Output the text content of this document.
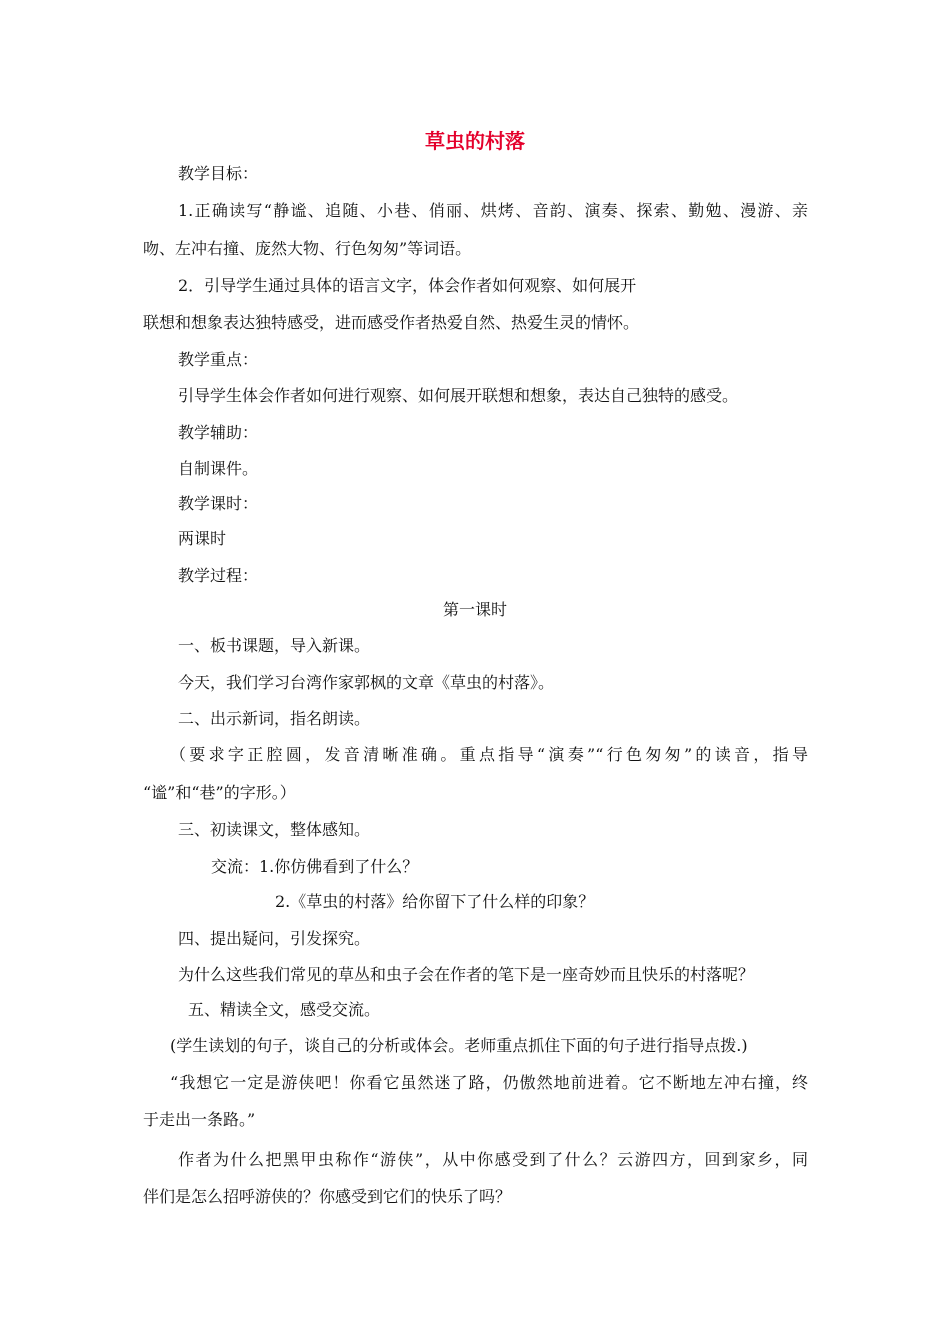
草虫的村落
教学目标：
1.正确读写“静谧、追随、小巷、俏丽、烘烤、音韵、演奏、探索、勤勉、漫游、亲
吻、左冲右撞、庞然大物、行色匆匆”等词语。
2．引导学生通过具体的语言文字，体会作者如何观察、如何展开
联想和想象表达独特感受，进而感受作者热爱自然、热爱生灵的情怀。
教学重点：
引导学生体会作者如何进行观察、如何展开联想和想象，表达自己独特的感受。
教学辅助：
自制课件。
教学课时：
两课时
教学过程：
第一课时
一、板书课题，导入新课。
今天，我们学习台湾作家郭枫的文章《草虫的村落》。
二、出示新词，指名朗读。
（要求字正腔圆，发音清晰准确。重点指导“演奏”“行色匆匆”的读音，指导
“谧”和“巷”的字形。）
三、初读课文，整体感知。
交流：1.你仿佛看到了什么？
2.《草虫的村落》给你留下了什么样的印象？
四、提出疑问，引发探究。
为什么这些我们常见的草丛和虫子会在作者的笔下是一座奇妙而且快乐的村落呢？
五、精读全文，感受交流。
(学生读划的句子，谈自己的分析或体会。老师重点抓住下面的句子进行指导点拨.)
“我想它一定是游侠吧！你看它虽然迷了路，仍傲然地前进着。它不断地左冲右撞，终
于走出一条路。”
作者为什么把黑甲虫称作“游侠”，从中你感受到了什么？云游四方，回到家乡，同
伴们是怎么招呼游侠的？你感受到它们的快乐了吗？
